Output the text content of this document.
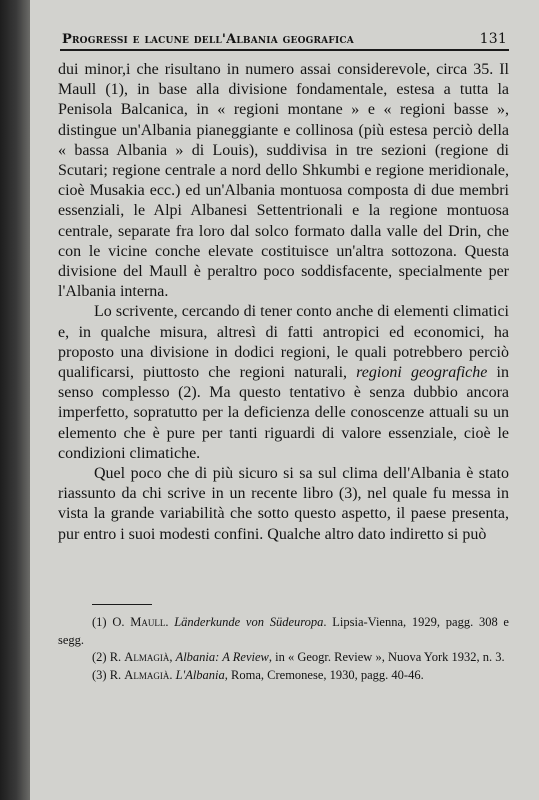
Progressi e lacune dell'Albania geografica	131

dui minor,i che risultano in numero assai considerevole, circa 35. Il Maull (1), in base alla divisione fondamentale, estesa a tutta la Penisola Balcanica, in « regioni montane » e « regioni basse », distingue un'Albania pianeggiante e collinosa (più estesa perciò della « bassa Albania » di Louis), suddivisa in tre sezioni (regione di Scutari; regione centrale a nord dello Shkumbi e regione meridionale, cioè Musakia ecc.) ed un'Albania montuosa composta di due membri essenziali, le Alpi Albanesi Settentrionali e la regione montuosa centrale, separate fra loro dal solco formato dalla valle del Drin, che con le vicine conche elevate costituisce un'altra sottozona. Questa divisione del Maull è peraltro poco soddisfacente, specialmente per l'Albania interna.

Lo scrivente, cercando di tener conto anche di elementi climatici e, in qualche misura, altresì di fatti antropici ed economici, ha proposto una divisione in dodici regioni, le quali potrebbero perciò qualificarsi, piuttosto che regioni naturali, regioni geografiche in senso complesso (2). Ma questo tentativo è senza dubbio ancora imperfetto, sopratutto per la deficienza delle conoscenze attuali su un elemento che è pure per tanti riguardi di valore essenziale, cioè le condizioni climatiche.

Quel poco che di più sicuro si sa sul clima dell'Albania è stato riassunto da chi scrive in un recente libro (3), nel quale fu messa in vista la grande variabilità che sotto questo aspetto, il paese presenta, pur entro i suoi modesti confini. Qualche altro dato indiretto si può

(1) O. Maull. Länderkunde von Südeuropa. Lipsia-Vienna, 1929, pagg. 308 e segg.
(2) R. Almagià, Albania: A Review, in « Geogr. Review », Nuova York 1932, n. 3.
(3) R. Almagià. L'Albania, Roma, Cremonese, 1930, pagg. 40-46.
